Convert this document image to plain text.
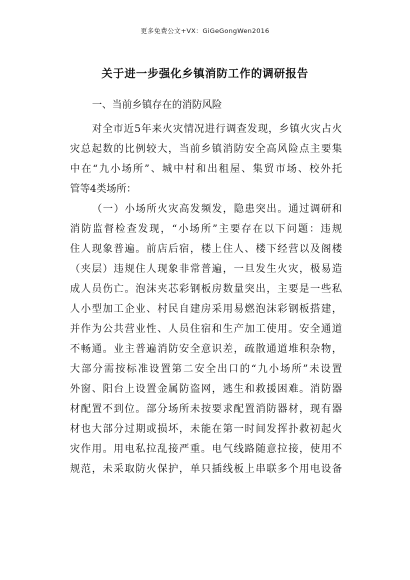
更多免费公文+VX：GiGeGongWen2016
关于进一步强化乡镇消防工作的调研报告
一、当前乡镇存在的消防风险
对全市近5年来火灾情况进行调查发现，乡镇火灾占火
灾总起数的比例较大，当前乡镇消防安全高风险点主要集
中在“九小场所”、城中村和出租屋、集贸市场、校外托
管等4类场所：
（一）小场所火灾高发频发，隐患突出。通过调研和
消防监督检查发现，“小场所”主要存在以下问题：违规
住人现象普遍。前店后宿，楼上住人、楼下经营以及阁楼
（夹层）违规住人现象非常普遍，一旦发生火灾，极易造
成人员伤亡。泡沫夹芯彩钢板房数量突出，主要是一些私
人小型加工企业、村民自建房采用易燃泡沫彩钢板搭建，
并作为公共营业性、人员住宿和生产加工使用。安全通道
不畅通。业主普遍消防安全意识差，疏散通道堆积杂物，
大部分需按标准设置第二安全出口的“九小场所”未设置
外窗、阳台上设置金属防盗网，逃生和救援困难。消防器
材配置不到位。部分场所未按要求配置消防器材，现有器
材也大部分过期或损坏，未能在第一时间发挥扑救初起火
灾作用。用电私拉乱接严重。电气线路随意拉接，使用不
规范，未采取防火保护，单只插线板上串联多个用电设备
